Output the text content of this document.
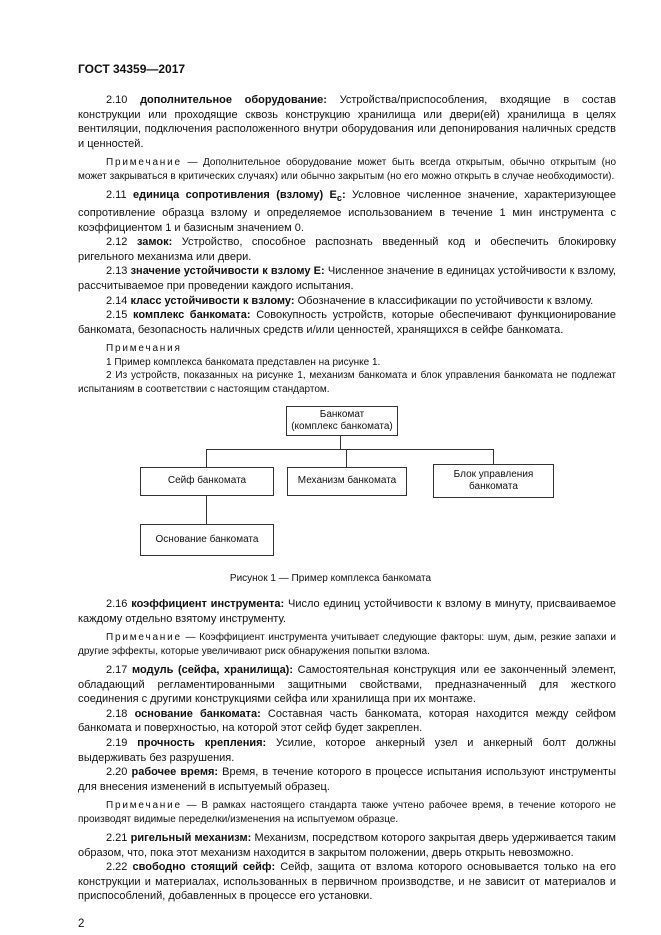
ГОСТ 34359—2017

2.10 дополнительное оборудование: Устройства/приспособления, входящие в состав конструкции или проходящие сквозь конструкцию хранилища или двери(ей) хранилища в целях вентиляции, подключения расположенного внутри оборудования или депонирования наличных средств и ценностей.

Примечание — Дополнительное оборудование может быть всегда открытым, обычно открытым (но может закрываться в критических случаях) или обычно закрытым (но его можно открыть в случае необходимости).

2.11 единица сопротивления (взлому) $E_c$: Условное численное значение, характеризующее сопротивление образца взлому и определяемое использованием в течение 1 мин инструмента с коэффициентом 1 и базисным значением 0.

2.12 замок: Устройство, способное распознать введенный код и обеспечить блокировку ригельного механизма или двери.

2.13 значение устойчивости к взлому E: Численное значение в единицах устойчивости к взлому, рассчитываемое при проведении каждого испытания.

2.14 класс устойчивости к взлому: Обозначение в классификации по устойчивости к взлому.

2.15 комплекс банкомата: Совокупность устройств, которые обеспечивают функционирование банкомата, безопасность наличных средств и/или ценностей, хранящихся в сейфе банкомата.

Примечания

1 Пример комплекса банкомата представлен на рисунке 1.

2 Из устройств, показанных на рисунке 1, механизм банкомата и блок управления банкомата не подлежат испытаниям в соответствии с настоящим стандартом.

Банкомат
(комплекс банкомата)
Сейф банкомата	Механизм банкомата
Блок управления
банкомата
Основание банкомата
Рисунок 1 — Пример комплекса банкомата

2.16 коэффициент инструмента: Число единиц устойчивости к взлому в минуту, присваиваемое каждому отдельно взятому инструменту.

Примечание — Коэффициент инструмента учитывает следующие факторы: шум, дым, резкие запахи и другие эффекты, которые увеличивают риск обнаружения попытки взлома.

2.17 модуль (сейфа, хранилища): Самостоятельная конструкция или ее законченный элемент, обладающий регламентированными защитными свойствами, предназначенный для жесткого соединения с другими конструкциями сейфа или хранилища при их монтаже.

2.18 основание банкомата: Составная часть банкомата, которая находится между сейфом банкомата и поверхностью, на которой этот сейф будет закреплен.

2.19 прочность крепления: Усилие, которое анкерный узел и анкерный болт должны выдерживать без разрушения.

2.20 рабочее время: Время, в течение которого в процессе испытания используют инструменты для внесения изменений в испытуемый образец.

Примечание — В рамках настоящего стандарта также учтено рабочее время, в течение которого не производят видимые переделки/изменения на испытуемом образце.

2.21 ригельный механизм: Механизм, посредством которого закрытая дверь удерживается таким образом, что, пока этот механизм находится в закрытом положении, дверь открыть невозможно.

2.22 свободно стоящий сейф: Сейф, защита от взлома которого основывается только на его конструкции и материалах, использованных в первичном производстве, и не зависит от материалов и приспособлений, добавленных в процессе его установки.

2
